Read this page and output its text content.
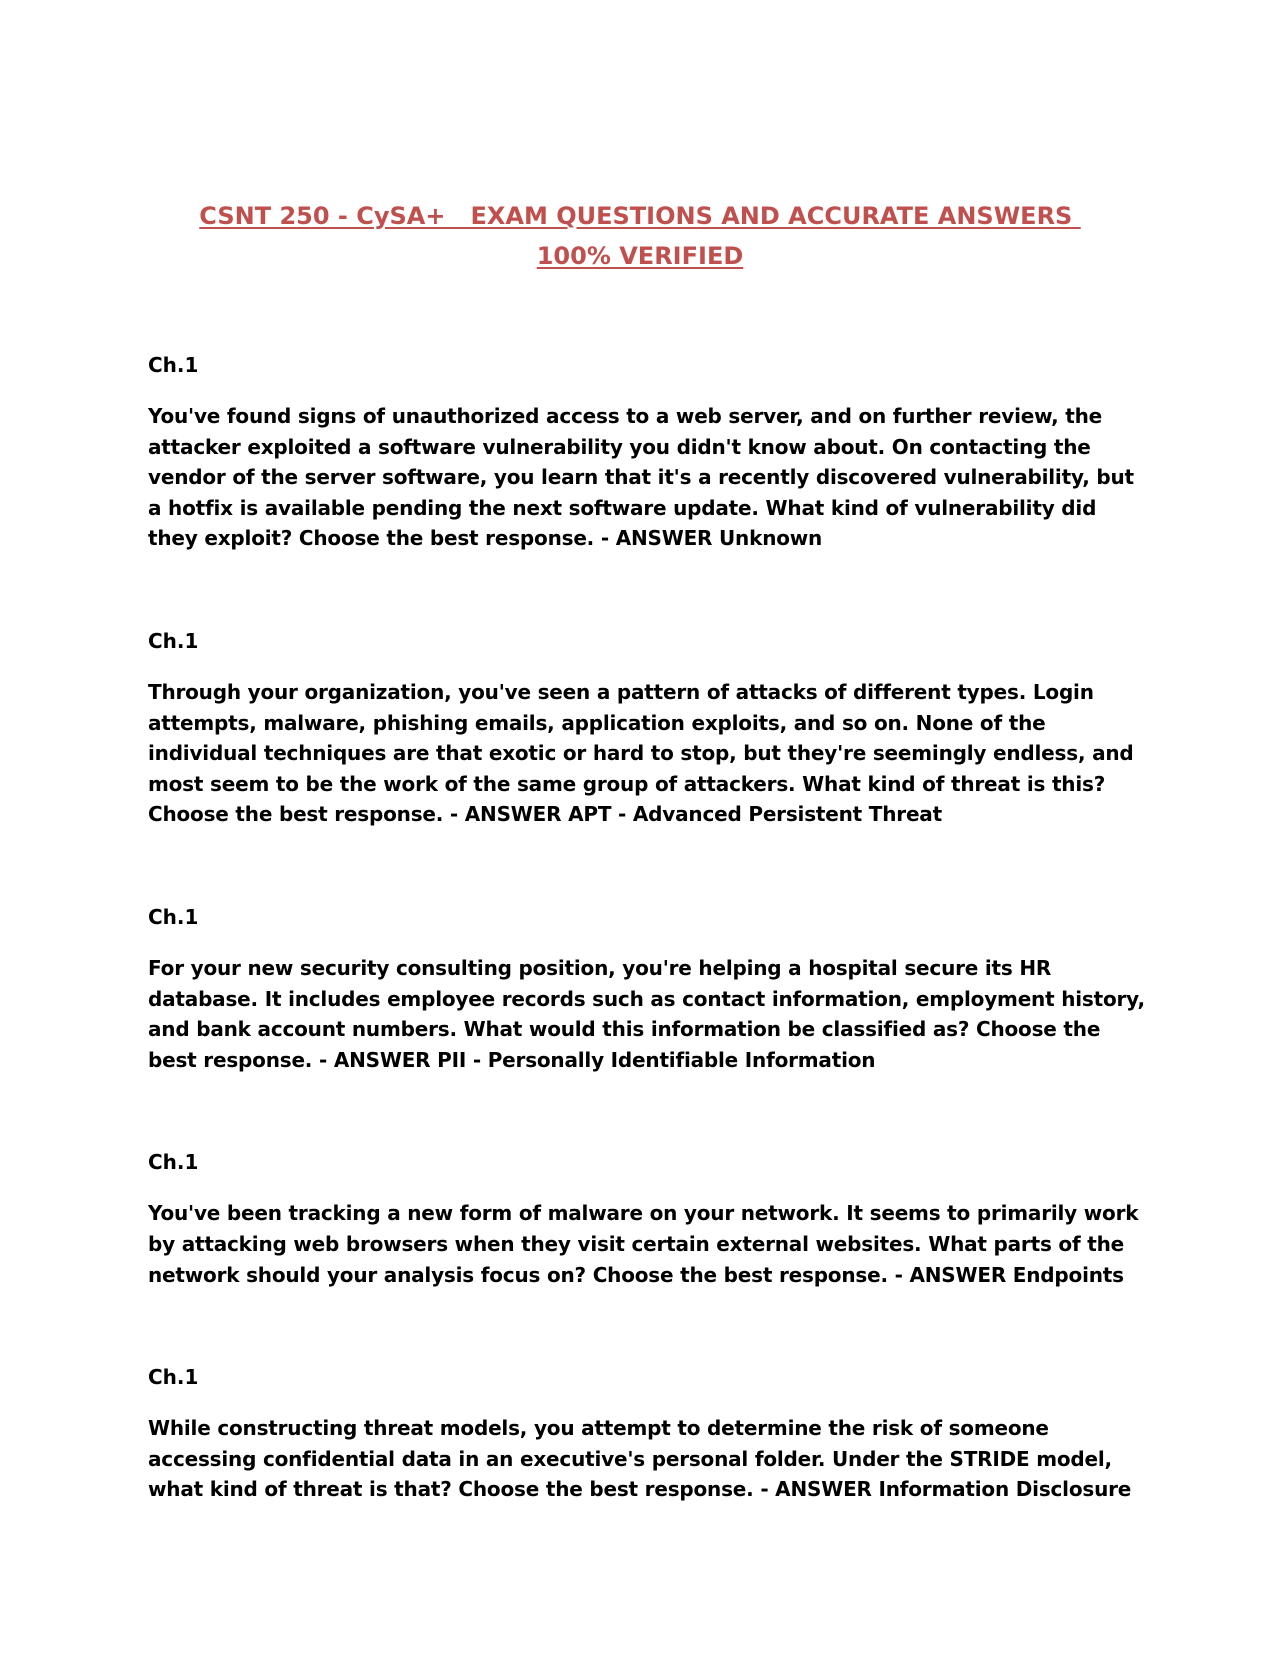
CSNT 250 - CySA+   EXAM QUESTIONS AND ACCURATE ANSWERS
100% VERIFIED
Ch.1

You've found signs of unauthorized access to a web server, and on further review, the attacker exploited a software vulnerability you didn't know about. On contacting the vendor of the server software, you learn that it's a recently discovered vulnerability, but a hotfix is available pending the next software update. What kind of vulnerability did they exploit? Choose the best response. - ANSWER Unknown

Ch.1

Through your organization, you've seen a pattern of attacks of different types. Login attempts, malware, phishing emails, application exploits, and so on. None of the individual techniques are that exotic or hard to stop, but they're seemingly endless, and most seem to be the work of the same group of attackers. What kind of threat is this? Choose the best response. - ANSWER APT - Advanced Persistent Threat

Ch.1

For your new security consulting position, you're helping a hospital secure its HR database. It includes employee records such as contact information, employment history, and bank account numbers. What would this information be classified as? Choose the best response. - ANSWER PII - Personally Identifiable Information

Ch.1

You've been tracking a new form of malware on your network. It seems to primarily work by attacking web browsers when they visit certain external websites. What parts of the network should your analysis focus on? Choose the best response. - ANSWER Endpoints

Ch.1

While constructing threat models, you attempt to determine the risk of someone accessing confidential data in an executive's personal folder. Under the STRIDE model, what kind of threat is that? Choose the best response. - ANSWER Information Disclosure
